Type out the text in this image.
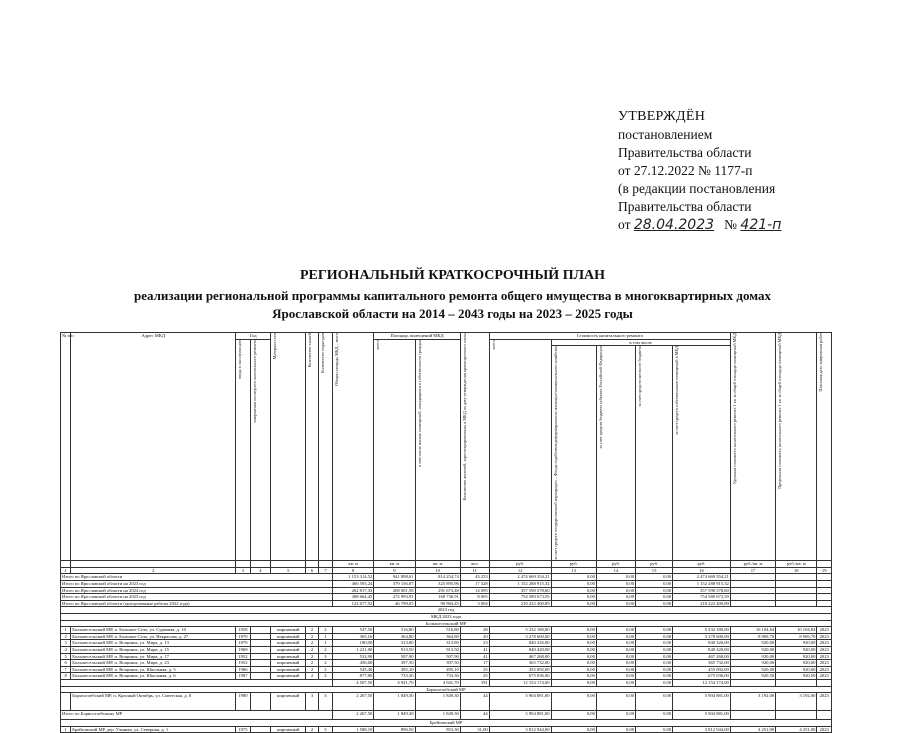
УТВЕРЖДЁН
постановлением
Правительства области
от 27.12.2022 № 1177-п
(в редакции постановления
Правительства области
от 28.04.2023 № 421-п
РЕГИОНАЛЬНЫЙ КРАТКОСРОЧНЫЙ ПЛАН
реализации региональной программы капитального ремонта общего имущества в многоквартирных домах
Ярославской области на 2014 – 2043 годы на 2023 – 2025 годы
№ п/п	Адрес МКД	Год		Материал стен	Количество этажей	Количество подъездов	Общая площадь МКД – всего	Площадь помещений МКД		Количество жителей, зарегистрированных в МКД на дату утверждения краткосрочного плана	Стоимость капитального ремонта					Удельная стоимость капитального ремонта 1 кв. м общей площади помещений МКД	Предельная стоимость капитального ремонта 1 кв. м общей площади помещений МКД	Плановая дата завершения работ

		ввода в эксплуатацию	завершения последнего капитального ремонта					всего	в том числе жилых помещений, находящихся в собственности граждан		всего	в том числе						

												за счет средств государственной корпорации – Фонда содействия реформированию жилищно-коммунального хозяйства	за счет средств бюджета субъекта Российской Федерации	за счет средств местного бюджета	за счет средств собственников помещений в МКД			

							кв. м	кв. м	кв. м	чел.	руб.	руб.	руб.	руб.	руб.	руб./кв. м	руб./кв. м	
1	2	3	4	5	6	7	8	9	10	11	12	13	14	15	16	17	18	19
Итого по Ярославской области							1 153 314,52	941 898,61	814 254,74	43 253	2 474 669 354,21	0,00	0,00	0,00	2 474 669 354,21			
Итого по Ярославской области на 2023 год							466 593,24	379 156,07	325 895,96	17 328	1 152 288 915,32	0,00	0,00	0,00	1 152 288 915,32			
Итого по Ярославской области на 2024 год							262 817,33	208 001,58	291 673,48	14 095	357 590 578,60	0,00	0,00	0,00	357 590 578,60			
Итого по Ярославской области на 2025 год							308 664,45	272 993,91	168 736,91	8 005	754 580 673,59	0,00	0,00	0,00	754 580 673,59			
Итого по Ярославской области (просроченные работы 2022 года)							122 677,52	46 799,05	90 984,45	3 004	210 222 400,89	0,00	0,00	0,00	210 222 400,89			
2023 год																		
МКД 2023 года																		
Большесельский МР																		
1	Большесельский МР, п. Большое Село, ул. Сурковая, д. 10	1958		кирпичный	2	2	547,50	516,80	516,80	28	5 232 180,00	0,00	0,00	0,00	5 232 180,00	10 104,84	10 104,84	2023
2	Большесельский МР, п. Большое Село, ул. Некрасова, д. 27	1970		кирпичный	2	1	365,16	364,80	364,80	20	3 278 600,00	0,00	0,00	0,00	3 278 600,00	8 969,70	8 969,70	2023
3	Большесельский МР, п. Вощинок, ул. Мира, д. 13	1970		кирпичный	2	1	180,00	313,80	313,80	23	840 326,00	0,00	0,00	0,00	840 326,00	920,00	920,00	2023
4	Большесельский МР, п. Вощинок, ул. Мира, д. 15	1969		кирпичный	2	2	1 221,00	913,50	913,50	41	840 420,00	0,00	0,00	0,00	840 420,00	920,00	920,00	2023
5	Большесельский МР, п. Вощинок, ул. Мира, д. 17	1952		кирпичный	2	3	532,90	507,90	507,90	41	467 268,00	0,00	0,00	0,00	467 268,00	920,00	920,00	2023
6	Большесельский МР, п. Вощинок, ул. Мира, д. 23	1952		кирпичный	2	2	456,60	397,50	397,50	17	365 732,00	0,00	0,00	0,00	365 732,00	920,00	920,00	2023
7	Большесельский МР, п. Вощинок, ул. Школьная, д. 5	1986		кирпичный	2	2	545,40	495,10	495,10	25	455 092,00	0,00	0,00	0,00	455 092,00	920,00	920,00	2023
8	Большесельский МР, п. Вощинок, ул. Школьная, д. 6	1987		кирпичный	2	2	877,80	733,30	733,30	25	675 036,00	0,00	0,00	0,00	675 036,00	920,50	920,50	2023
							4 507,50	4 941,70	4 941,70	191	12 154 174,00	0,00	0,00	0,00	12 154 174,00			
Борисоглебский МР																		
	Борисоглебский МР, п. Красный Октябрь, ул. Советская, д. 8	1980		кирпичный	3	3	2 267,50	1 849,30	1 849,30	44	5 904 881,00	0,00	0,00	0,00	5 904 881,00	3 192,00	3 192,00	2023
Итого по Борисоглебскому МР							2 267,50	1 849,30	1 849,30	44	5 904 881,00	0,00	0,00	0,00	5 904 881,00			
Брейтовский МР																		
1	Брейтовский МР, дер. Ульянка, ул. Северная, д. 1	1975		кирпичный	2	3	1 588,10	896,50	853,30	31,00	3 812 944,00	0,00	0,00	0,00	3 812 944,00	4 251,00	4 251,00	2023
